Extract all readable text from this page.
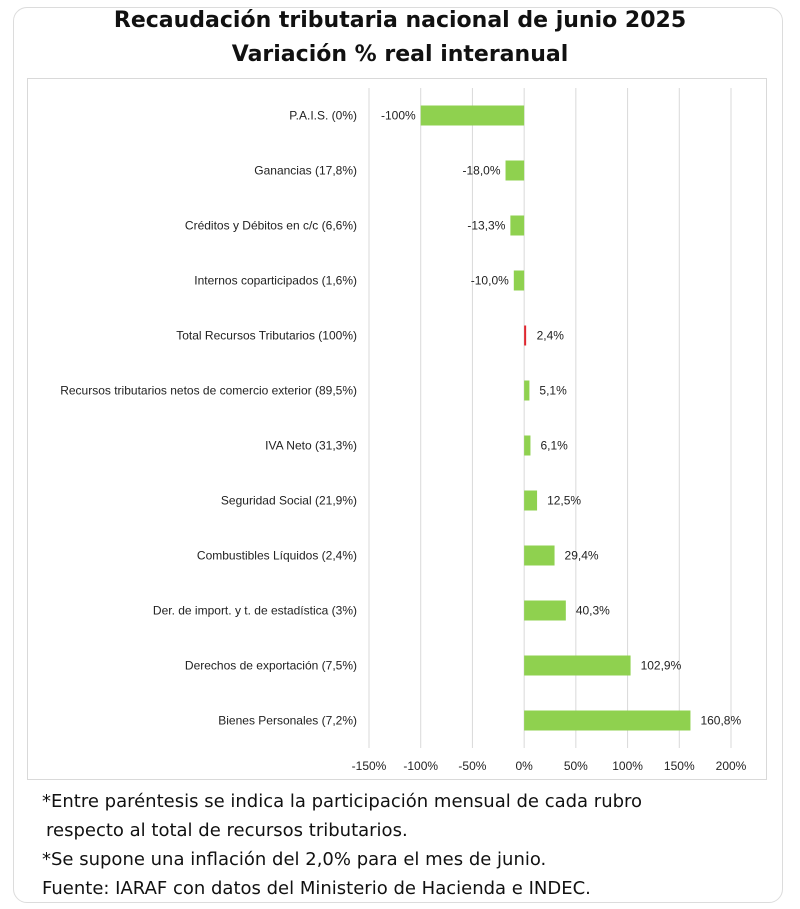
Recaudación tributaria nacional de junio 2025
Variación % real interanual
-150% -100% -50% 0%	50% 100% 150% 200%
P.A.I.S. (0%) -100%
Ganancias (17,8%)	-18,0%
Créditos y Débitos en c/c (6,6%)	-13,3%
Internos coparticipados (1,6%)	-10,0%
Total Recursos Tributarios (100%)	2,4%
Recursos tributarios netos de comercio exterior (89,5%)	5,1%
IVA Neto (31,3%)	6,1%
Seguridad Social (21,9%)	12,5%
Combustibles Líquidos (2,4%)	29,4%
Der. de import. y t. de estadística (3%)	40,3%
Derechos de exportación (7,5%)	102,9%
Bienes Personales (7,2%)	160,8%
*Entre paréntesis se indica la participación mensual de cada rubro
respecto al total de recursos tributarios.
*Se supone una inflación del 2,0% para el mes de junio.
Fuente: IARAF con datos del Ministerio de Hacienda e INDEC.
